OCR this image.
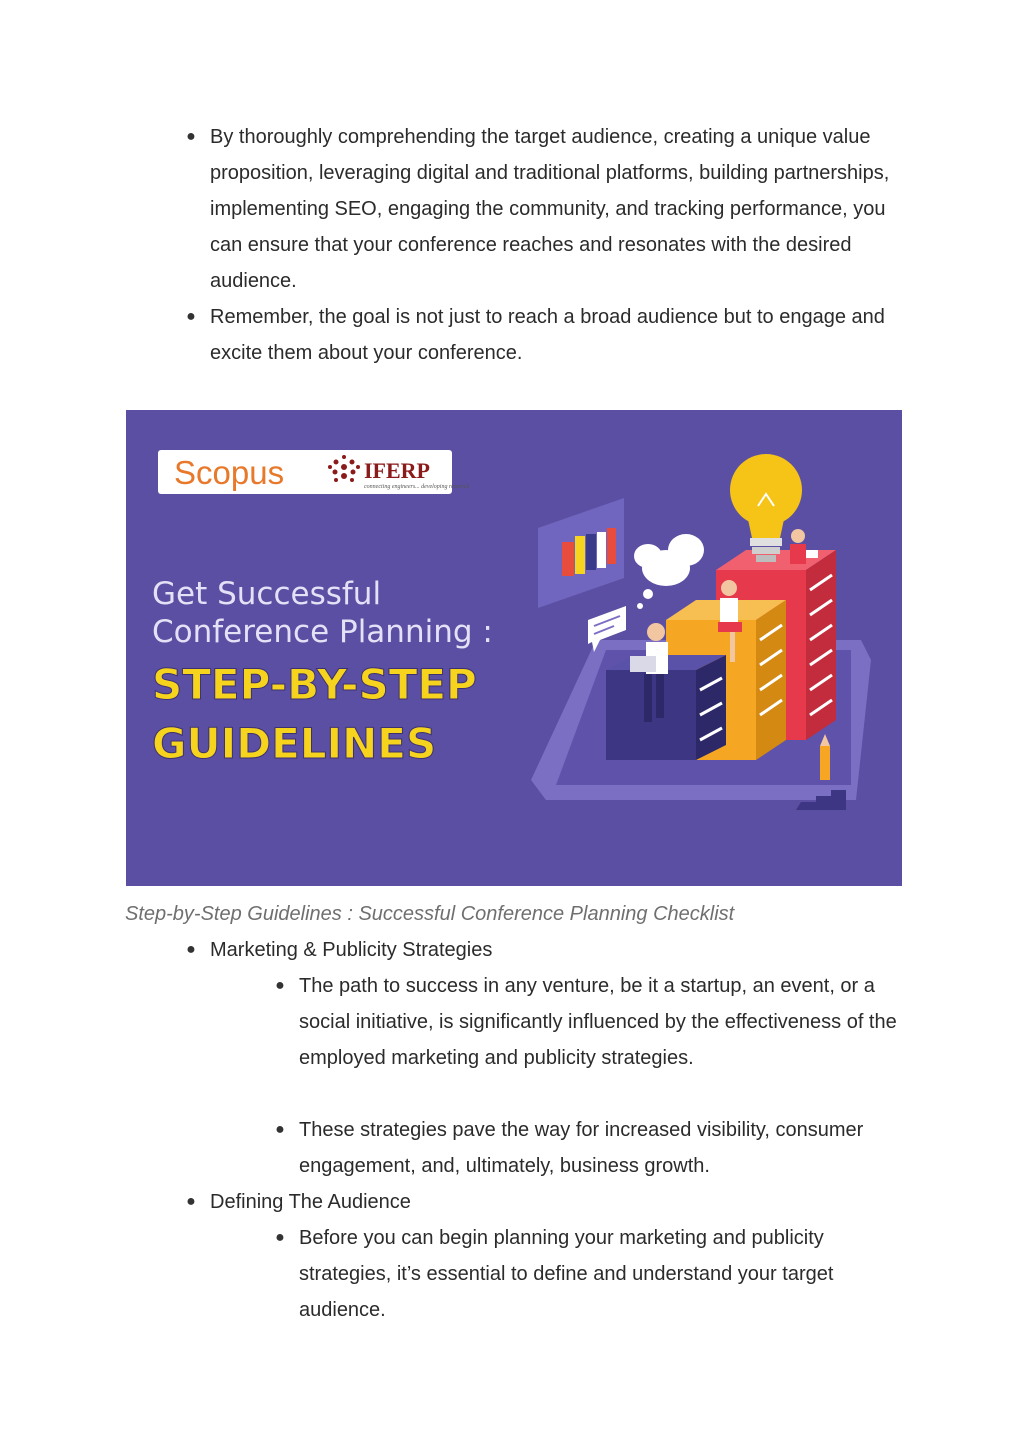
● By thoroughly comprehending the target audience, creating a unique value proposition, leveraging digital and traditional platforms, building partnerships, implementing SEO, engaging the community, and tracking performance, you can ensure that your conference reaches and resonates with the desired audience.
● Remember, the goal is not just to reach a broad audience but to engage and excite them about your conference.
Scopus	IFERP
connecting engineers... developing research
Get Successful
Conference Planning :
STEP-BY-STEP
GUIDELINES
Step-by-Step Guidelines : Successful Conference Planning Checklist
● Marketing & Publicity Strategies
● The path to success in any venture, be it a startup, an event, or a social initiative, is significantly influenced by the effectiveness of the employed marketing and publicity strategies.
● These strategies pave the way for increased visibility, consumer engagement, and, ultimately, business growth.
● Defining The Audience
● Before you can begin planning your marketing and publicity strategies, it’s essential to define and understand your target audience.
